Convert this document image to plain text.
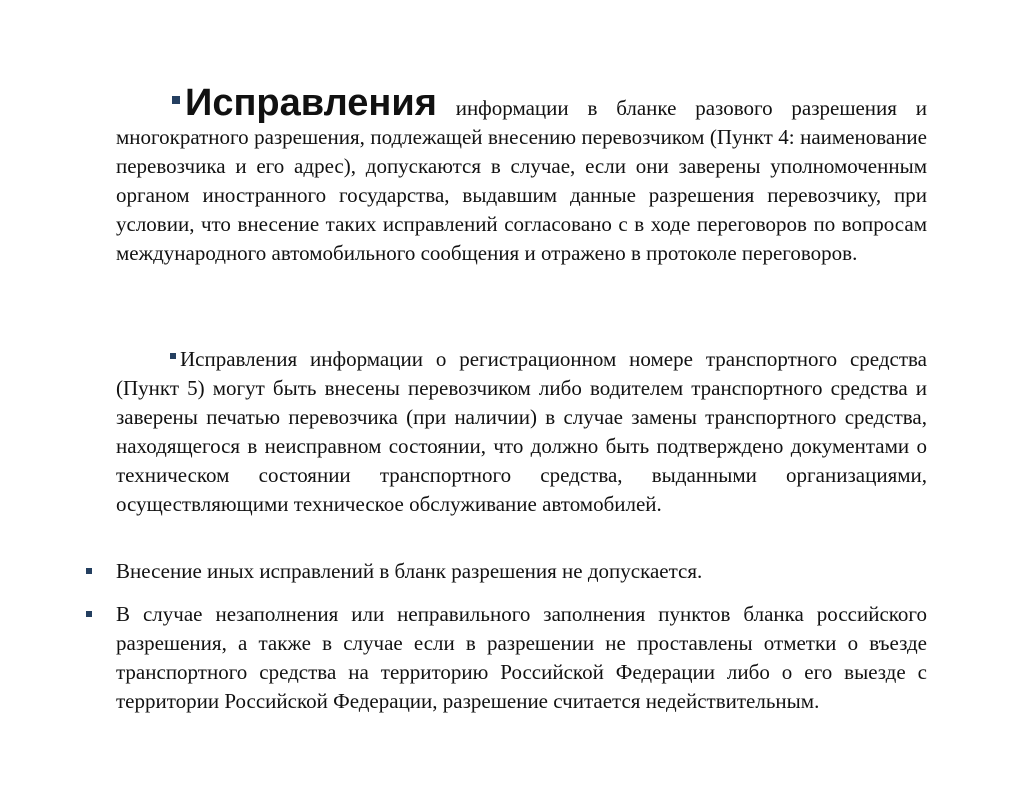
Исправления информации в бланке разового разрешения и многократного разрешения, подлежащей внесению перевозчиком (Пункт 4: наименование перевозчика и его адрес), допускаются в случае, если они заверены уполномоченным органом иностранного государства, выдавшим данные разрешения перевозчику, при условии, что внесение таких исправлений согласовано с в ходе переговоров по вопросам международного автомобильного сообщения и отражено в протоколе переговоров.

Исправления информации о регистрационном номере транспортного средства (Пункт 5) могут быть внесены перевозчиком либо водителем транспортного средства и заверены печатью перевозчика (при наличии) в случае замены транспортного средства, находящегося в неисправном состоянии, что должно быть подтверждено документами о техническом состоянии транспортного средства, выданными организациями, осуществляющими техническое обслуживание автомобилей.

Внесение иных исправлений в бланк разрешения не допускается.

В случае незаполнения или неправильного заполнения пунктов бланка российского разрешения, а также в случае если в разрешении не проставлены отметки о въезде транспортного средства на территорию Российской Федерации либо о его выезде с территории Российской Федерации, разрешение считается недействительным.
